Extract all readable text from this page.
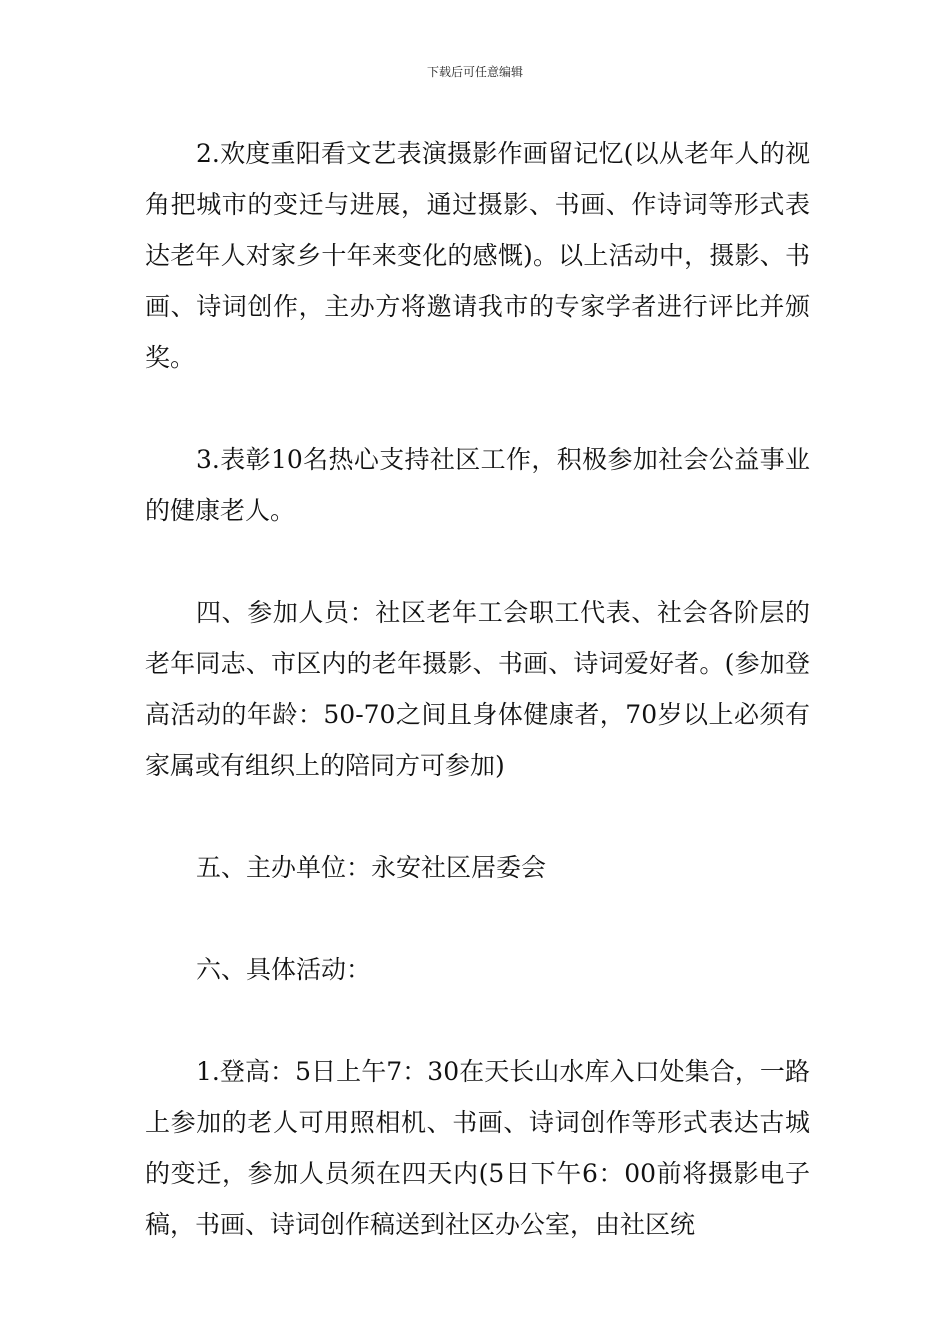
下载后可任意编辑

2.欢度重阳看文艺表演摄影作画留记忆(以从老年人的视角把城市的变迁与进展，通过摄影、书画、作诗词等形式表达老年人对家乡十年来变化的感慨)。以上活动中，摄影、书画、诗词创作，主办方将邀请我市的专家学者进行评比并颁奖。

3.表彰10名热心支持社区工作，积极参加社会公益事业的健康老人。

四、参加人员：社区老年工会职工代表、社会各阶层的老年同志、市区内的老年摄影、书画、诗词爱好者。(参加登高活动的年龄：50-70之间且身体健康者，70岁以上必须有家属或有组织上的陪同方可参加)

五、主办单位：永安社区居委会

六、具体活动：

1.登高：5日上午7：30在天长山水库入口处集合，一路上参加的老人可用照相机、书画、诗词创作等形式表达古城的变迁，参加人员须在四天内(5日下午6：00前将摄影电子稿，书画、诗词创作稿送到社区办公室，由社区统
